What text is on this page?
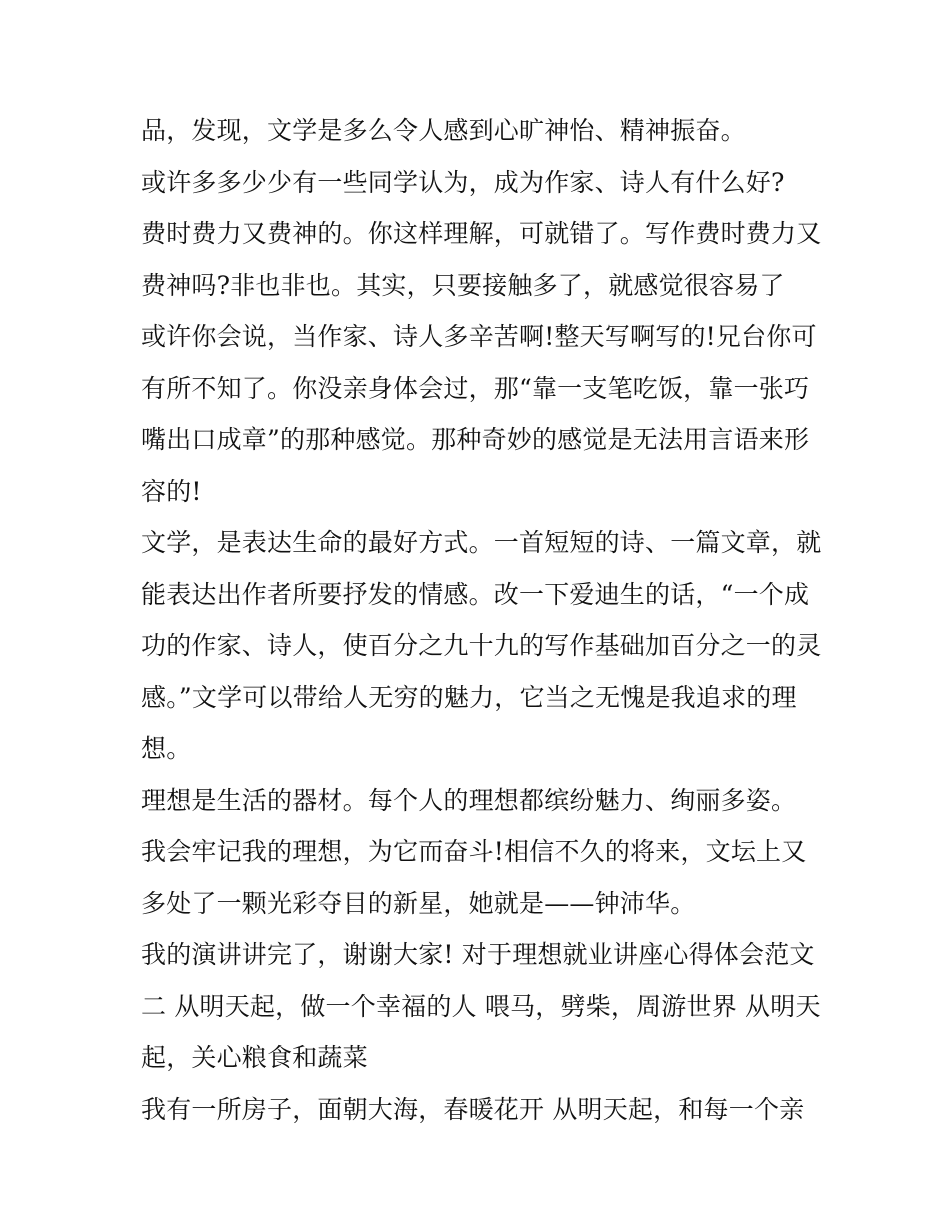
品，发现，文学是多么令人感到心旷神怡、精神振奋。
或许多多少少有一些同学认为，成为作家、诗人有什么好?
费时费力又费神的。你这样理解，可就错了。写作费时费力又
费神吗?非也非也。其实，只要接触多了，就感觉很容易了
或许你会说，当作家、诗人多辛苦啊!整天写啊写的!兄台你可
有所不知了。你没亲身体会过，那“靠一支笔吃饭，靠一张巧
嘴出口成章”的那种感觉。那种奇妙的感觉是无法用言语来形
容的!
文学，是表达生命的最好方式。一首短短的诗、一篇文章，就
能表达出作者所要抒发的情感。改一下爱迪生的话，“一个成
功的作家、诗人，使百分之九十九的写作基础加百分之一的灵
感。”文学可以带给人无穷的魅力，它当之无愧是我追求的理
想。
理想是生活的器材。每个人的理想都缤纷魅力、绚丽多姿。
我会牢记我的理想，为它而奋斗!相信不久的将来，文坛上又
多处了一颗光彩夺目的新星，她就是——钟沛华。
我的演讲讲完了，谢谢大家! 对于理想就业讲座心得体会范文
二 从明天起，做一个幸福的人 喂马，劈柴，周游世界 从明天
起，关心粮食和蔬菜
我有一所房子，面朝大海，春暖花开 从明天起，和每一个亲
